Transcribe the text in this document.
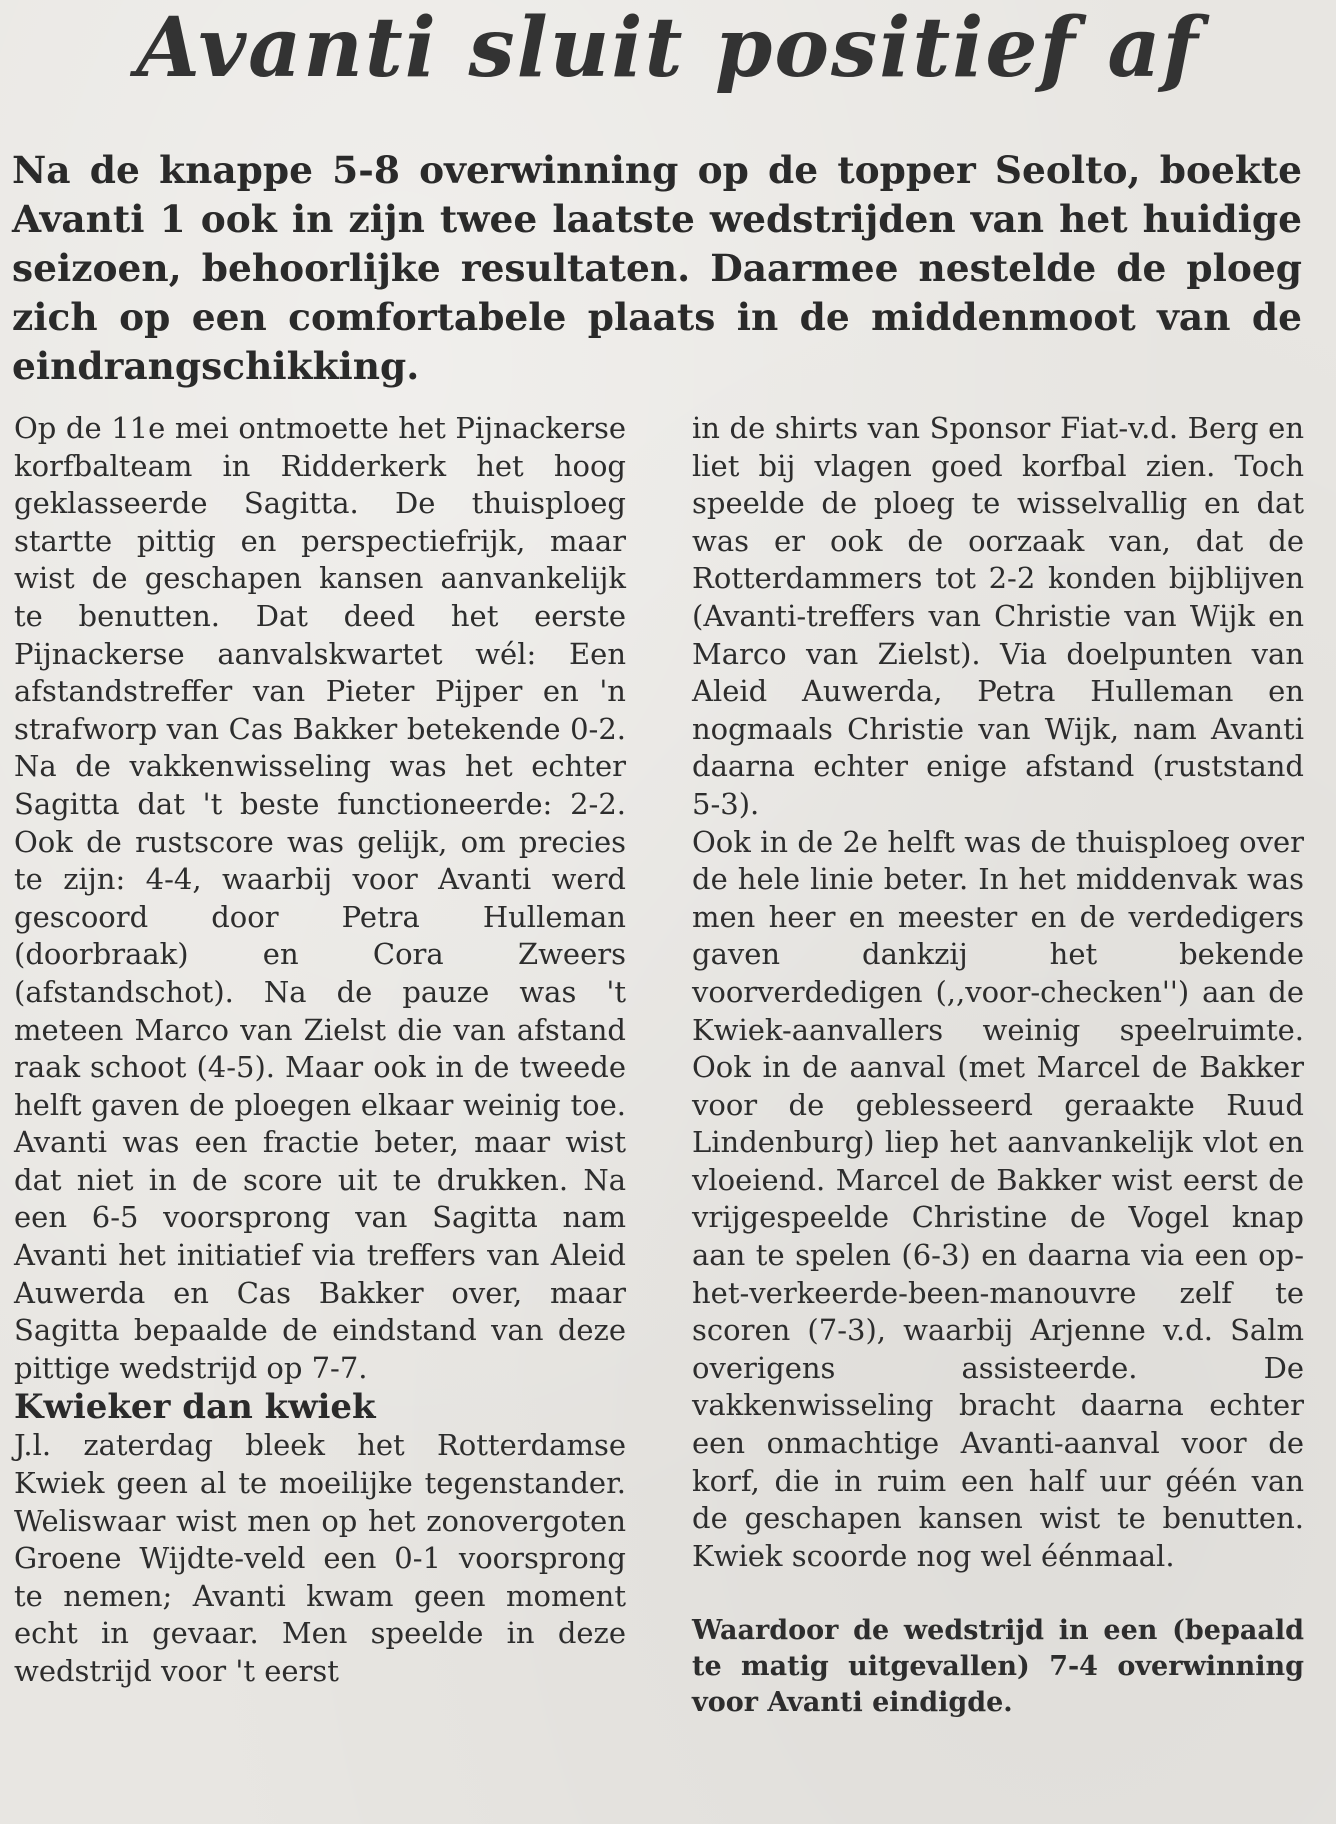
Avanti sluit positief af

Na de knappe 5-8 overwinning op de topper Seolto, boekte Avanti 1 ook in zijn twee laatste wedstrijden van het huidige seizoen, behoorlijke resultaten. Daarmee nestelde de ploeg zich op een comfortabele plaats in de middenmoot van de eindrangschikking.

Op de 11e mei ontmoette het Pijnackerse korfbalteam in Ridderkerk het hoog geklasseerde Sagitta. De thuisploeg startte pittig en perspectiefrijk, maar wist de geschapen kansen aanvankelijk te benutten. Dat deed het eerste Pijnackerse aanvalskwartet wél: Een afstandstreffer van Pieter Pijper en 'n strafworp van Cas Bakker betekende 0-2. Na de vakkenwisseling was het echter Sagitta dat 't beste functioneerde: 2-2. Ook de rustscore was gelijk, om precies te zijn: 4-4, waarbij voor Avanti werd gescoord door Petra Hulleman (doorbraak) en Cora Zweers (afstandschot). Na de pauze was 't meteen Marco van Zielst die van afstand raak schoot (4-5). Maar ook in de tweede helft gaven de ploegen elkaar weinig toe. Avanti was een fractie beter, maar wist dat niet in de score uit te drukken. Na een 6-5 voorsprong van Sagitta nam Avanti het initiatief via treffers van Aleid Auwerda en Cas Bakker over, maar Sagitta bepaalde de eindstand van deze pittige wedstrijd op 7-7.

Kwieker dan kwiek

J.l. zaterdag bleek het Rotterdamse Kwiek geen al te moeilijke tegenstander. Weliswaar wist men op het zonovergoten Groene Wijdte-veld een 0-1 voorsprong te nemen; Avanti kwam geen moment echt in gevaar. Men speelde in deze wedstrijd voor 't eerst

in de shirts van Sponsor Fiat-v.d. Berg en liet bij vlagen goed korfbal zien. Toch speelde de ploeg te wisselvallig en dat was er ook de oorzaak van, dat de Rotterdammers tot 2-2 konden bijblijven (Avanti-treffers van Christie van Wijk en Marco van Zielst). Via doelpunten van Aleid Auwerda, Petra Hulleman en nogmaals Christie van Wijk, nam Avanti daarna echter enige afstand (ruststand 5-3).

Ook in de 2e helft was de thuisploeg over de hele linie beter. In het middenvak was men heer en meester en de verdedigers gaven dankzij het bekende voorverdedigen (,,voor-checken'') aan de Kwiek-aanvallers weinig speelruimte. Ook in de aanval (met Marcel de Bakker voor de geblesseerd geraakte Ruud Lindenburg) liep het aanvankelijk vlot en vloeiend. Marcel de Bakker wist eerst de vrijgespeelde Christine de Vogel knap aan te spelen (6-3) en daarna via een op-het-verkeerde-been-manouvre zelf te scoren (7-3), waarbij Arjenne v.d. Salm overigens assisteerde. De vakkenwisseling bracht daarna echter een onmachtige Avanti-aanval voor de korf, die in ruim een half uur géén van de geschapen kansen wist te benutten. Kwiek scoorde nog wel éénmaal.

Waardoor de wedstrijd in een (bepaald te matig uitgevallen) 7-4 overwinning voor Avanti eindigde.
